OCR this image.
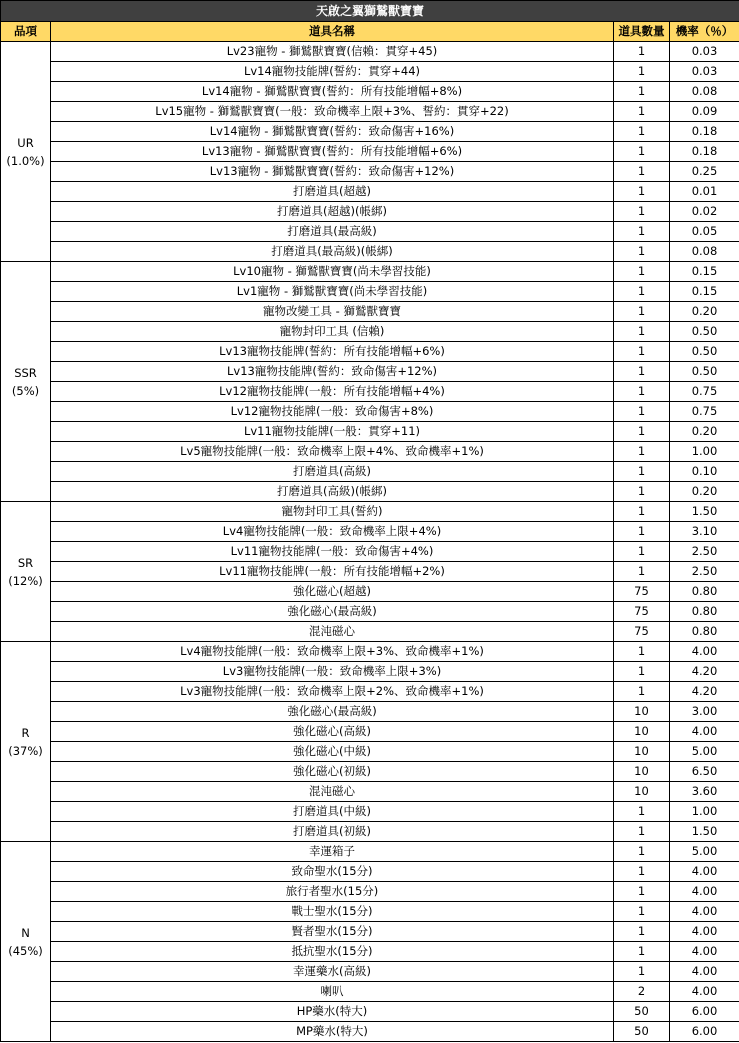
天啟之翼獅鷲獸寶寶			
品項	道具名稱	道具數量	機率（％）

UR
(1.0%)	Lv23寵物 - 獅鷲獸寶寶(信賴：貫穿+45)	1	0.03
	Lv14寵物技能牌(誓約：貫穿+44)	1	0.03
	Lv14寵物 - 獅鷲獸寶寶(誓約：所有技能增幅+8%)	1	0.08
	Lv15寵物 - 獅鷲獸寶寶(一般：致命機率上限+3%、誓約：貫穿+22)	1	0.09
	Lv14寵物 - 獅鷲獸寶寶(誓約：致命傷害+16%)	1	0.18
	Lv13寵物 - 獅鷲獸寶寶(誓約：所有技能增幅+6%)	1	0.18
	Lv13寵物 - 獅鷲獸寶寶(誓約：致命傷害+12%)	1	0.25
	打磨道具(超越)	1	0.01
	打磨道具(超越)(帳綁)	1	0.02
	打磨道具(最高級)	1	0.05
	打磨道具(最高級)(帳綁)	1	0.08

SSR
(5%)	Lv10寵物 - 獅鷲獸寶寶(尚未學習技能)	1	0.15
	Lv1寵物 - 獅鷲獸寶寶(尚未學習技能)	1	0.15
	寵物改變工具 - 獅鷲獸寶寶	1	0.20
	寵物封印工具 (信賴)	1	0.50
	Lv13寵物技能牌(誓約：所有技能增幅+6%)	1	0.50
	Lv13寵物技能牌(誓約：致命傷害+12%)	1	0.50
	Lv12寵物技能牌(一般：所有技能增幅+4%)	1	0.75
	Lv12寵物技能牌(一般：致命傷害+8%)	1	0.75
	Lv11寵物技能牌(一般：貫穿+11)	1	0.20
	Lv5寵物技能牌(一般：致命機率上限+4%、致命機率+1%)	1	1.00
	打磨道具(高級)	1	0.10
	打磨道具(高級)(帳綁)	1	0.20

SR
(12%)	寵物封印工具(誓約)	1	1.50
	Lv4寵物技能牌(一般：致命機率上限+4%)	1	3.10
	Lv11寵物技能牌(一般：致命傷害+4%)	1	2.50
	Lv11寵物技能牌(一般：所有技能增幅+2%)	1	2.50
	強化磁心(超越)	75	0.80
	強化磁心(最高級)	75	0.80
	混沌磁心	75	0.80

R
(37%)	Lv4寵物技能牌(一般：致命機率上限+3%、致命機率+1%)	1	4.00
	Lv3寵物技能牌(一般：致命機率上限+3%)	1	4.20
	Lv3寵物技能牌(一般：致命機率上限+2%、致命機率+1%)	1	4.20
	強化磁心(最高級)	10	3.00
	強化磁心(高級)	10	4.00
	強化磁心(中級)	10	5.00
	強化磁心(初級)	10	6.50
	混沌磁心	10	3.60
	打磨道具(中級)	1	1.00
	打磨道具(初級)	1	1.50

N
(45%)	幸運箱子	1	5.00
	致命聖水(15分)	1	4.00
	旅行者聖水(15分)	1	4.00
	戰士聖水(15分)	1	4.00
	賢者聖水(15分)	1	4.00
	抵抗聖水(15分)	1	4.00
	幸運藥水(高級)	1	4.00
	喇叭	2	4.00
	HP藥水(特大)	50	6.00
	MP藥水(特大)	50	6.00
